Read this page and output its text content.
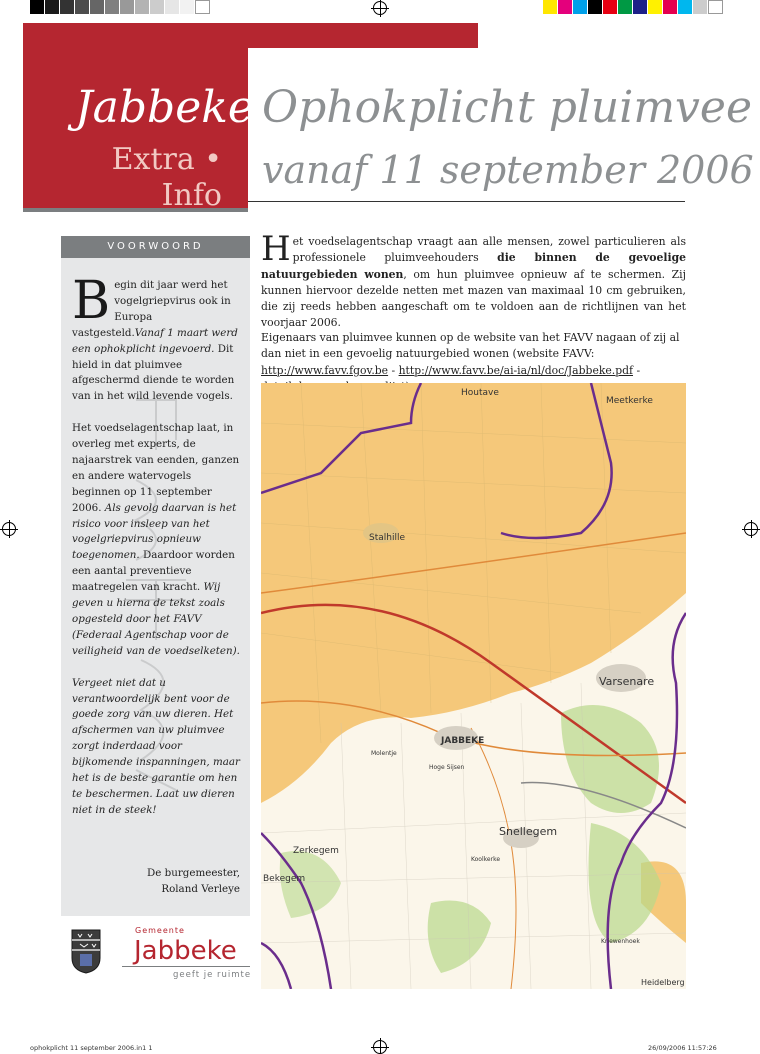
Jabbeke
Extra • Info
Ophokplicht pluimvee
vanaf 11 september 2006
VOORWOORD

Begin dit jaar werd het vogelgriepvirus ook in Europa vastgesteld.Vanaf 1 maart werd een ophokplicht ingevoerd. Dit hield in dat pluimvee afgeschermd diende te worden van in het wild levende vogels.

Het voedselagentschap laat, in overleg met experts, de najaarstrek van eenden, ganzen en andere watervogels beginnen op 11 september 2006. Als gevolg daarvan is het risico voor insleep van het vogelgriepvirus opnieuw toegenomen. Daardoor worden een aantal preventieve maatregelen van kracht. Wij geven u hierna de tekst zoals opgesteld door het FAVV (Federaal Agentschap voor de veiligheid van de voedselketen).

Vergeet niet dat u verantwoordelijk bent voor de goede zorg van uw dieren. Het afschermen van uw pluimvee zorgt inderdaad voor bijkomende inspanningen, maar het is de beste garantie om hen te beschermen. Laat uw dieren niet in de steek!

De burgemeester,
Roland Verleye
Gemeente
Jabbeke
geeft je ruimte
Het voedselagentschap vraagt aan alle mensen, zowel particulieren als professionele pluimveehouders die binnen de gevoelige natuurgebieden wonen, om hun pluimvee opnieuw af te schermen. Zij kunnen hiervoor dezelde netten met mazen van maximaal 10 cm gebruiken, die zij reeds hebben aangeschaft om te voldoen aan de richtlijnen van het voorjaar 2006.
Eigenaars van pluimvee kunnen op de website van het FAVV nagaan of zij al dan niet in een gevoelig natuurgebied wonen (website FAVV: http://www.favv.fgov.be - http://www.favv.be/ai-ia/nl/doc/Jabbeke.pdf -
Houtave
Meetkerke
Stalhille
Varsenare
JABBEKE
Snellegem
Zerkegem
Bekegem
Heidelberg
Molentje
Hoge Sijsen
Koolkerke
Kriewenhoek
ophokplicht 11 september 2006.in1 1	26/09/2006 11:57:26
